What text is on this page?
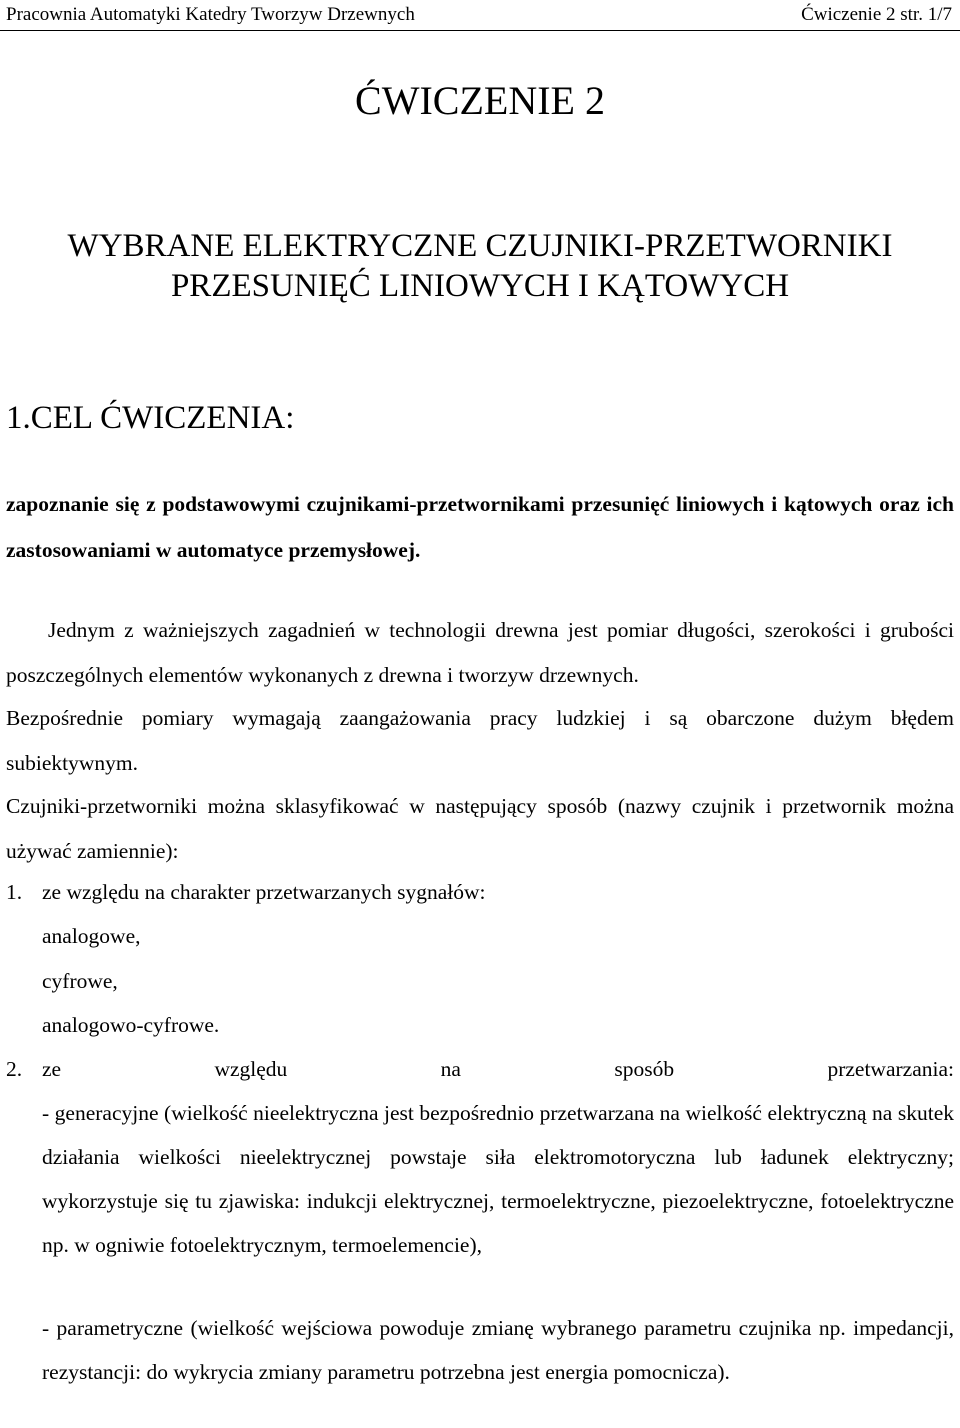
Pracownia Automatyki Katedry Tworzyw Drzewnych	Ćwiczenie 2 str. 1/7
ĆWICZENIE 2
WYBRANE ELEKTRYCZNE CZUJNIKI-PRZETWORNIKI
PRZESUNIĘĆ LINIOWYCH I KĄTOWYCH
1.CEL ĆWICZENIA:
zapoznanie się z podstawowymi czujnikami-przetwornikami przesunięć liniowych i kątowych oraz ich zastosowaniami w automatyce przemysłowej.
Jednym z ważniejszych zagadnień w technologii drewna jest pomiar długości, szerokości i grubości poszczególnych elementów wykonanych z drewna i tworzyw drzewnych.
Bezpośrednie pomiary wymagają zaangażowania pracy ludzkiej i są obarczone dużym błędem subiektywnym.
Czujniki-przetworniki można sklasyfikować w następujący sposób (nazwy czujnik i przetwornik można używać zamiennie):
1. ze względu na charakter przetwarzanych sygnałów:
analogowe,
cyfrowe,
analogowo-cyfrowe.
2. ze względu na sposób przetwarzania:
- generacyjne (wielkość nieelektryczna jest bezpośrednio przetwarzana na wielkość elektryczną na skutek działania wielkości nieelektrycznej powstaje siła elektromotoryczna lub ładunek elektryczny; wykorzystuje się tu zjawiska: indukcji elektrycznej, termoelektryczne, piezoelektryczne, fotoelektryczne np. w ogniwie fotoelektrycznym, termoelemencie),
- parametryczne (wielkość wejściowa powoduje zmianę wybranego parametru czujnika np. impedancji, rezystancji: do wykrycia zmiany parametru potrzebna jest energia pomocnicza).
